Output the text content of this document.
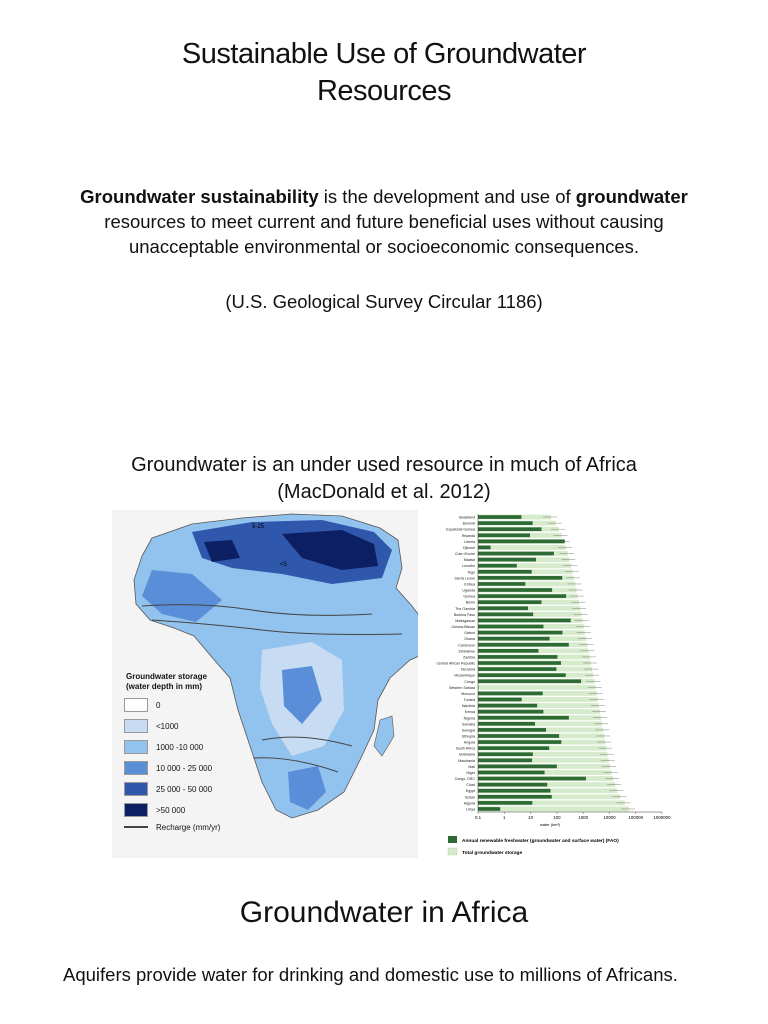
Sustainable Use of Groundwater Resources
Groundwater sustainability is the development and use of groundwater resources to meet current and future beneficial uses without causing unacceptable environmental or socioeconomic consequences.
(U.S. Geological Survey Circular 1186)
Groundwater is an under used resource in much of Africa (MacDonald et al. 2012)
5-25
<5
Groundwater storage (water depth in mm)
0
<1000
1000 -10 000
10 000 - 25 000
25 000 - 50 000
>50 000
Recharge (mm/yr)
Swaziland
Burundi
Equatorial Guinea
Rwanda
Liberia
Djibouti
Cote d'Ivoire
Malawi
Lesotho
Togo
Sierra Leone
Eritrea
Uganda
Guinea
Benin
The Gambia
Burkina Faso
Madagascar
Guinea-Bissau
Gabon
Ghana
Cameroon
Zimbabwe
Zambia
Central African Republic
Tanzania
Mozambique
Congo
Western Sahara
Morocco
Tunisia
Namibia
Kenya
Nigeria
Somalia
Senegal
Ethiopia
Angola
South Africa
Botswana
Mauritania
Mali
Niger
Congo, DRC
Chad
Egypt
Sudan
Algeria
Libya
0.1	1	10	100	1000	10000	100000 1000000
water (km³)
Annual renewable freshwater (groundwater and surface water) (FAO)
Total groundwater storage
Groundwater in Africa
Aquifers provide water for drinking and domestic use to millions of Africans.
